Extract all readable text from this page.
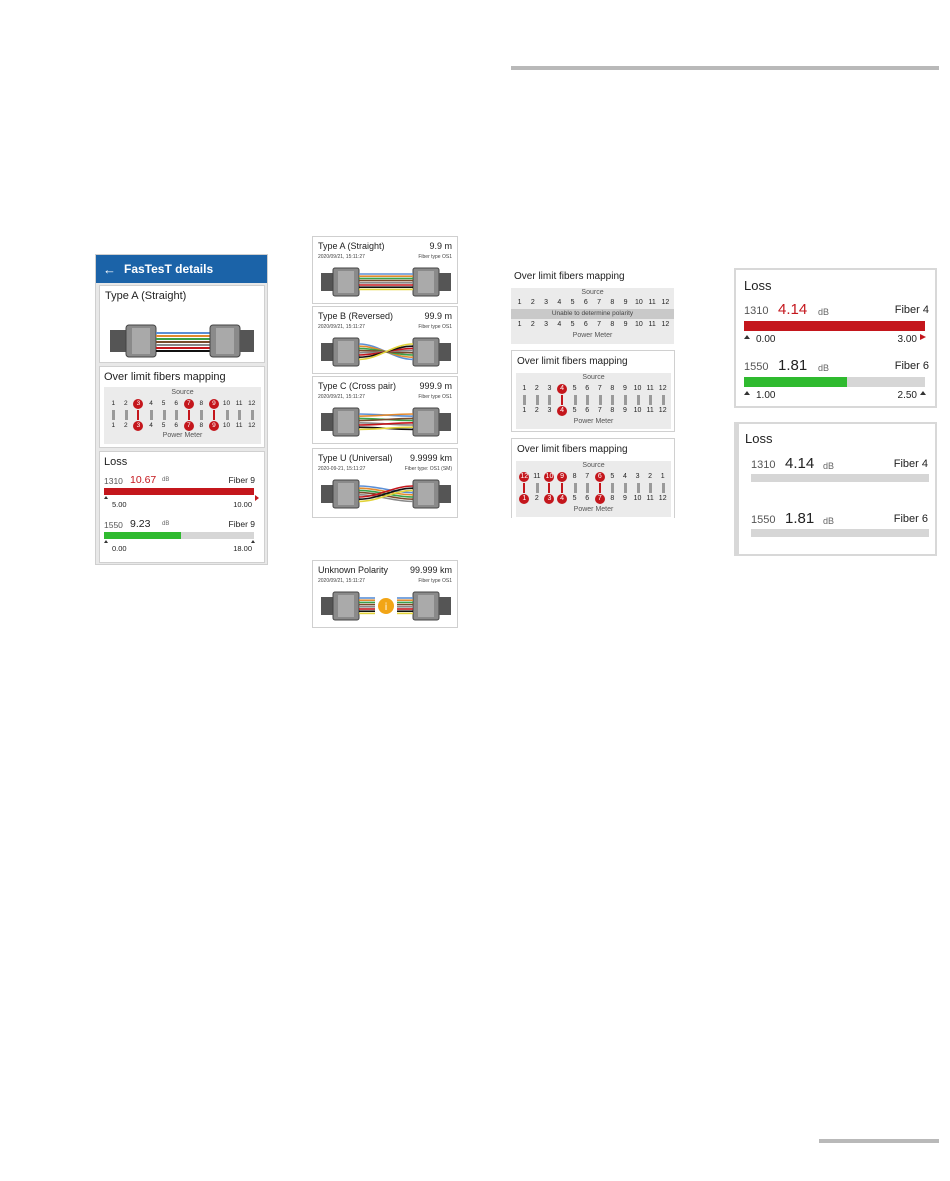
← FasTesT details
Type A (Straight)
Over limit fibers mapping
Source
1	2	3	4	5	6	7	8	9	10 11 12
1	2	3	4	5	6	7	8	9	10 11 12
Power Meter
Loss
1310 10.67 dB	Fiber 9
5.00	10.00
1550 9.23 dB	Fiber 9
0.00	18.00
Type A (Straight)	9.9 m
2020/09/21, 15:11:27	Fiber type OS1
Type B (Reversed)	99.9 m
2020/09/21, 15:11:27	Fiber type OS1
Type C (Cross pair)	999.9 m
2020/09/21, 15:11:27	Fiber type OS1
Type U (Universal) 9.9999 km
2020-09-21, 15:11:27	Fiber type: OS1 (SM)
Unknown Polarity 99.999 km
2020/09/21, 15:11:27	Fiber type OS1
i
Over limit fibers mapping
Source
1	2	3	4	5	6	7	8	9	10 11 12
Unable to determine polarity
1	2	3	4	5	6	7	8	9	10 11 12
Power Meter
Over limit fibers mapping
Source
1	2	3	4	5	6	7	8	9 10 11 12
1	2	3	4	5	6	7	8	9 10 11 12
Power Meter
Over limit fibers mapping
Source
12 11 10 9	8	7	6	5	4	3	2	1
1	2	3	4	5	6	7	8	9 10 11 12
Power Meter
Loss
1310 4.14 dB	Fiber 4
0.00	3.00
1550 1.81 dB	Fiber 6
1.00	2.50
Loss
1310 4.14 dB	Fiber 4
1550 1.81 dB	Fiber 6
